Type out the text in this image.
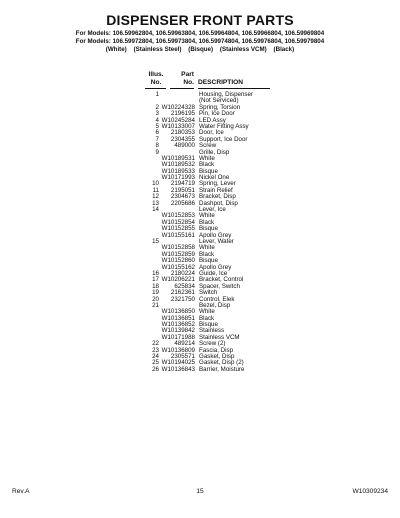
DISPENSER FRONT PARTS
For Models: 106.59962804, 106.59963804, 106.59964804, 106.59966804, 106.59969804
For Models: 106.59972804, 106.59973804, 106.59974804, 106.59976804, 106.59979804
(White)    (Stainless Steel)    (Bisque)    (Stainless VCM)    (Black)
Illus.
No.
Part
No. DESCRIPTION
1	Housing, Dispenser
(Not Serviced)
2 W10224328 Spring, Torsion
3	2196195 Pin, Ice Door
4 W10245284 LED Assy
5 W10133007 Water Fitting Assy
6	2180353 Door, Ice
7	2304355 Support, Ice Door
8	489000 Screw
9	Grille, Disp
W10189531 White
W10189532 Black
W10189533 Bisque
W10171993 Nickel One
10	2194719 Spring, Lever
11	2195051 Strain Relief
12	2304673 Bracket, Disp
13	2205686 Dashpot, Disp
14	Lever, Ice
W10152853 White
W10152854 Black
W10152855 Bisque
W10155161 Apollo Grey
15	Lever, Water
W10152858 White
W10152859 Black
W10152860 Bisque
W10155162 Apollo Grey
16	2180224 Guide, Ice
17 W10206221 Bracket, Control
18	625834 Spacer, Switch
19	2162361 Switch
20	2321750 Control, Elek
21	Bezel, Disp
W10136850 White
W10136851 Black
W10136852 Bisque
W10139842 Stainless
W10171988 Stainless VCM
22	489214 Screw (2)
23 W10136809 Fascia, Disp
24	2305571 Gasket, Disp
25 W10194025 Gasket, Disp (2)
26 W10136843 Barrier, Moisture
Rev.A	15	W10309234
